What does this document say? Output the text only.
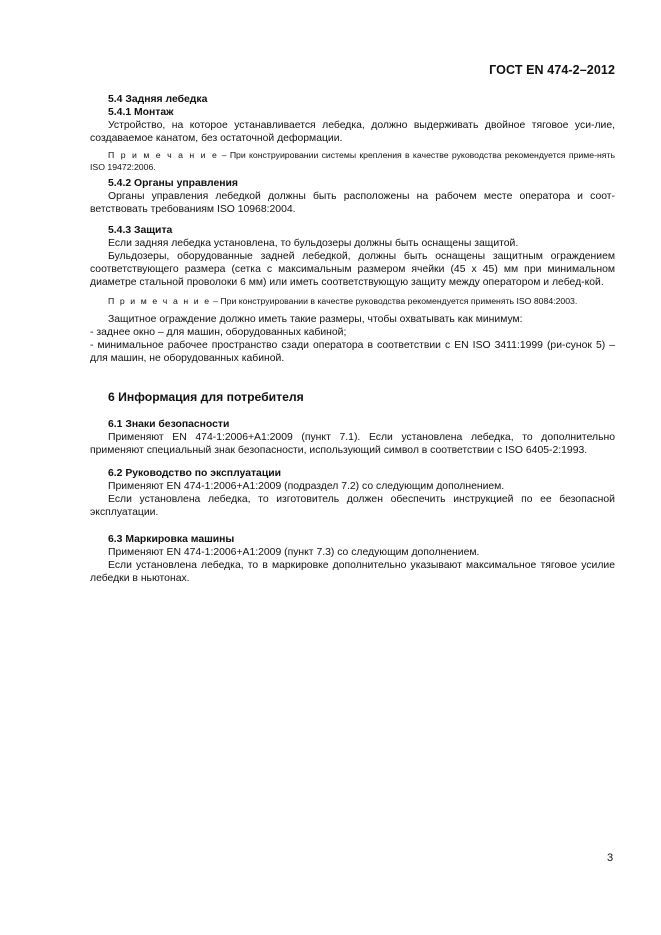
ГОСТ EN 474-2–2012

5.4 Задняя лебедка

5.4.1 Монтаж

Устройство, на которое устанавливается лебедка, должно выдерживать двойное тяговое уси-лие, создаваемое канатом, без остаточной деформации.

П р и м е ч а н и е – При конструировании системы крепления в качестве руководства рекомендуется приме-нять ISO 19472:2006.

5.4.2 Органы управления

Органы управления лебедкой должны быть расположены на рабочем месте оператора и соот-ветствовать требованиям ISO 10968:2004.

5.4.3 Защита

Если задняя лебедка установлена, то бульдозеры должны быть оснащены защитой.

Бульдозеры, оборудованные задней лебедкой, должны быть оснащены защитным ограждением соответствующего размера (сетка с максимальным размером ячейки (45 х 45) мм при минимальном диаметре стальной проволоки 6 мм) или иметь соответствующую защиту между оператором и лебед-кой.

П р и м е ч а н и е – При конструировании в качестве руководства рекомендуется применять ISO 8084:2003.

Защитное ограждение должно иметь такие размеры, чтобы охватывать как минимум:

- заднее окно – для машин, оборудованных кабиной;

- минимальное рабочее пространство сзади оператора в соответствии с EN ISO 3411:1999 (ри-сунок 5) – для машин, не оборудованных кабиной.

6 Информация для потребителя

6.1 Знаки безопасности

Применяют EN 474-1:2006+A1:2009 (пункт 7.1). Если установлена лебедка, то дополнительно применяют специальный знак безопасности, использующий символ в соответствии с ISO 6405-2:1993.

6.2 Руководство по эксплуатации

Применяют EN 474-1:2006+A1:2009 (подраздел 7.2) со следующим дополнением.

Если установлена лебедка, то изготовитель должен обеспечить инструкцией по ее безопасной эксплуатации.

6.3 Маркировка машины

Применяют EN 474-1:2006+A1:2009 (пункт 7.3) со следующим дополнением.

Если установлена лебедка, то в маркировке дополнительно указывают максимальное тяговое усилие лебедки в ньютонах.

3
